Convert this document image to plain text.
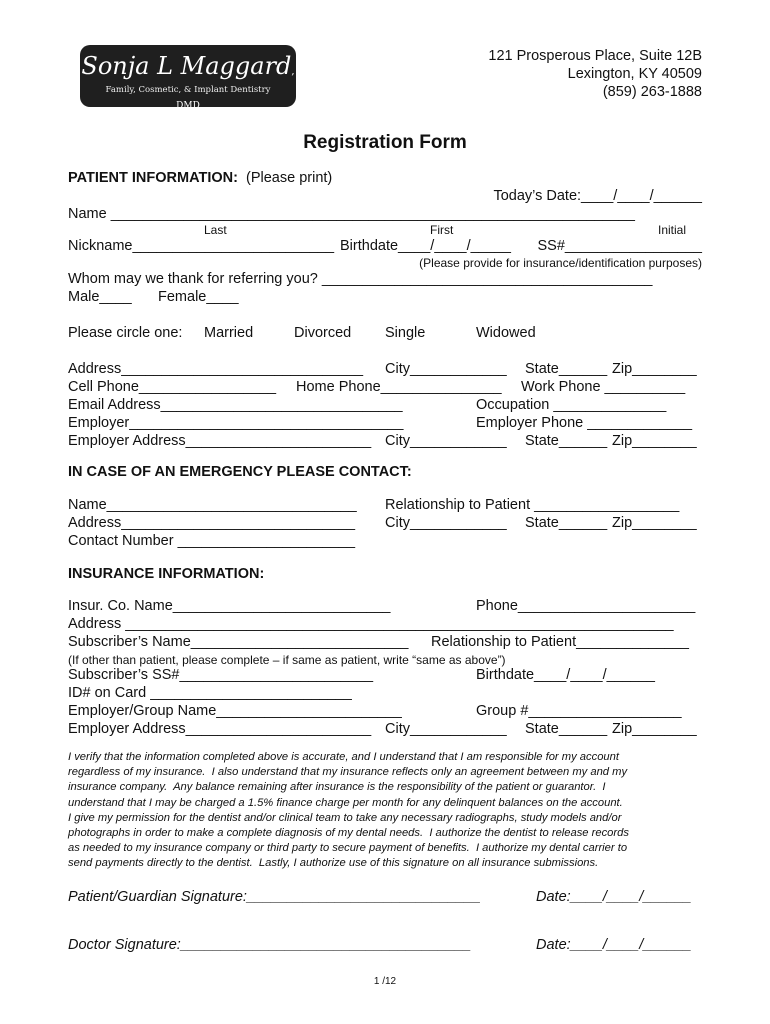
Sonja L Maggard, DMD
Family, Cosmetic, & Implant Dentistry
121 Prosperous Place, Suite 12B
Lexington, KY 40509
(859) 263-1888
Registration Form
PATIENT INFORMATION: (Please print)
Today’s Date:____/____/______
Name _________________________________________________________________
Last	First	Initial
Nickname_________________________ Birthdate____/____/_____ SS#_________________
(Please provide for insurance/identification purposes)
Whom may we thank for referring you? _________________________________________
Male____ Female____
Please circle one: Married	Divorced Single	Widowed
Address______________________________ City____________ State______ Zip________
Cell Phone_________________ Home Phone_______________ Work Phone __________
Email Address______________________________	Occupation ______________
Employer__________________________________	Employer Phone _____________
Employer Address_______________________ City____________ State______ Zip________
IN CASE OF AN EMERGENCY PLEASE CONTACT:
Name_______________________________ Relationship to Patient __________________
Address_____________________________ City____________ State______ Zip________
Contact Number ______________________
INSURANCE INFORMATION:
Insur. Co. Name___________________________	Phone______________________
Address ____________________________________________________________________
Subscriber’s Name___________________________ Relationship to Patient______________
(If other than patient, please complete – if same as patient, write “same as above”)
Subscriber’s SS#________________________	Birthdate____/____/______
ID# on Card _________________________
Employer/Group Name_______________________	Group #___________________
Employer Address_______________________ City____________ State______ Zip________
I verify that the information completed above is accurate, and I understand that I am responsible for my account
regardless of my insurance.  I also understand that my insurance reflects only an agreement between my and my
insurance company.  Any balance remaining after insurance is the responsibility of the patient or guarantor.  I
understand that I may be charged a 1.5% finance charge per month for any delinquent balances on the account.
I give my permission for the dentist and/or clinical team to take any necessary radiographs, study models and/or
photographs in order to make a complete diagnosis of my dental needs.  I authorize the dentist to release records
as needed to my insurance company or third party to secure payment of benefits.  I authorize my dental carrier to
send payments directly to the dentist.  Lastly, I authorize use of this signature on all insurance submissions.
Patient/Guardian Signature:_____________________________	Date:____/____/______
Doctor Signature:____________________________________	Date:____/____/______
1 /12
